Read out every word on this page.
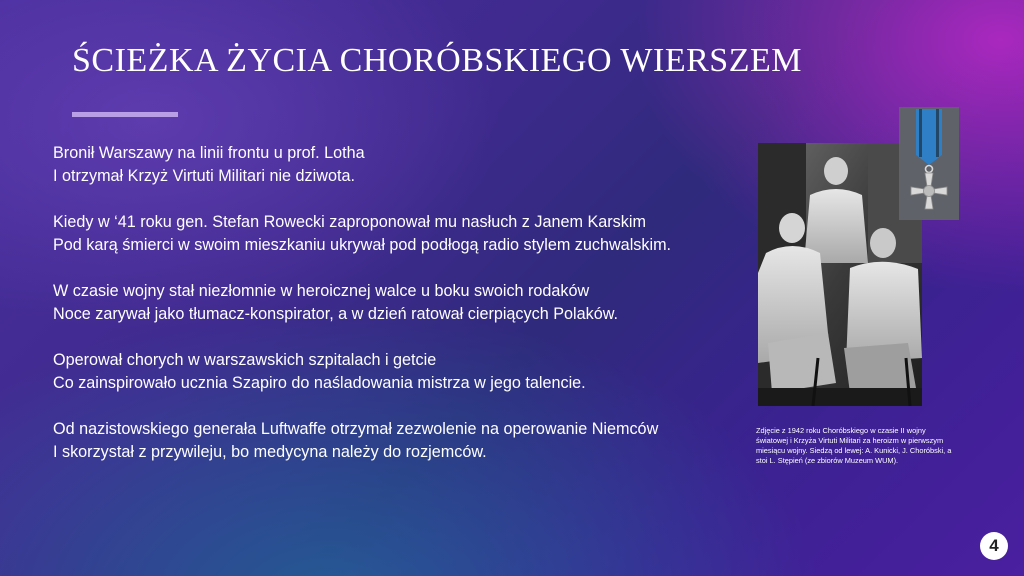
ŚCIEŻKA ŻYCIA CHORÓBSKIEGO WIERSZEM

Bronił Warszawy na linii frontu u prof. Lotha

I otrzymał Krzyż Virtuti Militari nie dziwota.

Kiedy w ‘41 roku gen. Stefan Rowecki zaproponował mu nasłuch z Janem Karskim

Pod karą śmierci w swoim mieszkaniu ukrywał pod podłogą radio stylem zuchwalskim.

W czasie wojny stał niezłomnie w heroicznej walce u boku swoich rodaków

Noce zarywał jako tłumacz-konspirator, a w dzień ratował cierpiących Polaków.

Operował chorych w warszawskich szpitalach i getcie

Co zainspirowało ucznia Szapiro do naśladowania mistrza w jego talencie.

Od nazistowskiego generała Luftwaffe otrzymał zezwolenie na operowanie Niemców

I skorzystał z przywileju, bo medycyna należy do rozjemców.

Zdjęcie z 1942 roku Choróbskiego w czasie II wojny światowej i Krzyża Virtuti Militari za heroizm w pierwszym miesiącu wojny. Siedzą od lewej: A. Kunicki, J. Choróbski, a stoi L. Stępień (ze zbiorów Muzeum WUM).
4
